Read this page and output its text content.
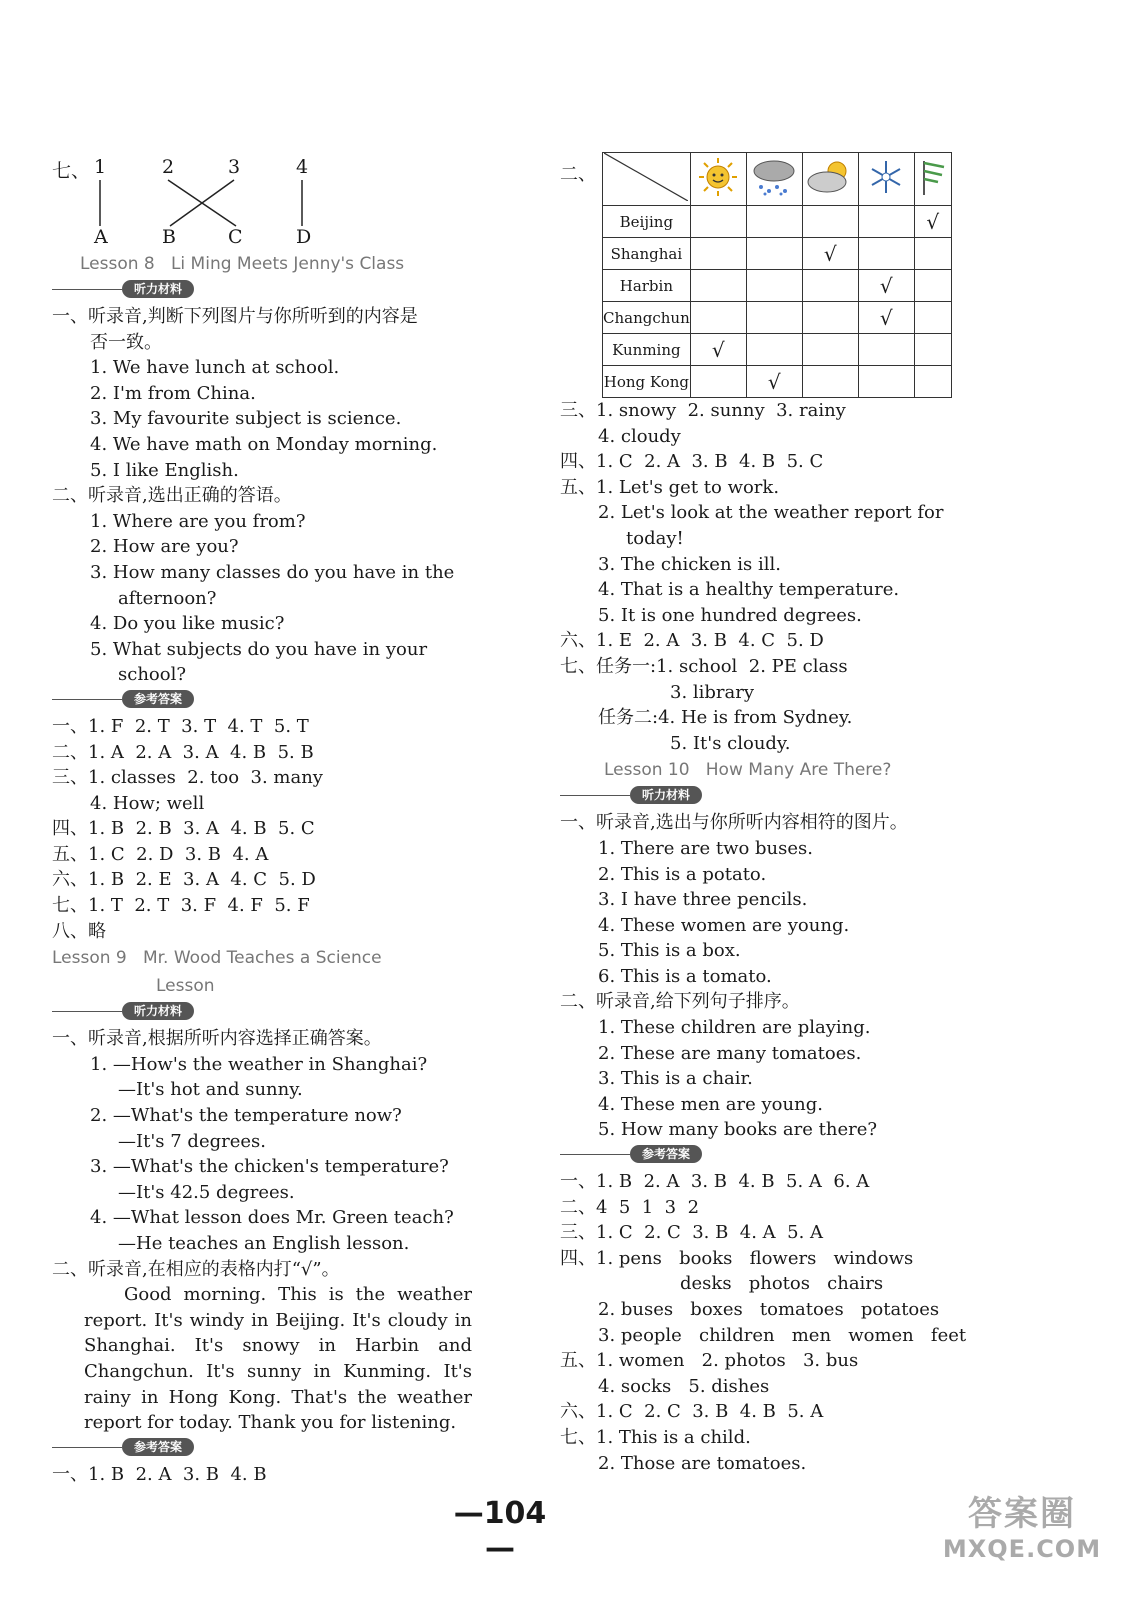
七、 1	2	3	4
A	B	C	D
Lesson 8   Li Ming Meets Jenny's Class
听力材料
一、听录音,判断下列图片与你所听到的内容是
否一致。
1. We have lunch at school.
2. I'm from China.
3. My favourite subject is science.
4. We have math on Monday morning.
5. I like English.
二、听录音,选出正确的答语。
1. Where are you from?
2. How are you?
3. How many classes do you have in the
afternoon?
4. Do you like music?
5. What subjects do you have in your
school?
参考答案
一、1. F  2. T  3. T  4. T  5. T
二、1. A  2. A  3. A  4. B  5. B
三、1. classes  2. too  3. many
4. How; well
四、1. B  2. B  3. A  4. B  5. C
五、1. C  2. D  3. B  4. A
六、1. B  2. E  3. A  4. C  5. D
七、1. T  2. T  3. F  4. F  5. F
八、略
Lesson 9   Mr. Wood Teaches a Science
Lesson
听力材料
一、听录音,根据所听内容选择正确答案。
1. —How's the weather in Shanghai?
—It's hot and sunny.
2. —What's the temperature now?
—It's 7 degrees.
3. —What's the chicken's temperature?
—It's 42.5 degrees.
4. —What lesson does Mr. Green teach?
—He teaches an English lesson.
二、听录音,在相应的表格内打“√”。
Good morning. This is the weather report. It's windy in Beijing. It's cloudy in Shanghai. It's snowy in Harbin and Changchun. It's sunny in Kunming. It's rainy in Hong Kong. That's the weather report for today. Thank you for listening.
参考答案
一、1. B  2. A  3. B  4. B
二、

Beijing					√
Shanghai			√		
Harbin				√	
Changchun				√	
Kunming	√				
Hong Kong		√			
三、1. snowy  2. sunny  3. rainy
4. cloudy
四、1. C  2. A  3. B  4. B  5. C
五、1. Let's get to work.
2. Let's look at the weather report for
today!
3. The chicken is ill.
4. That is a healthy temperature.
5. It is one hundred degrees.
六、1. E  2. A  3. B  4. C  5. D
七、任务一:1. school  2. PE class
3. library
任务二:4. He is from Sydney.
5. It's cloudy.
Lesson 10   How Many Are There?
听力材料
一、听录音,选出与你所听内容相符的图片。
1. There are two buses.
2. This is a potato.
3. I have three pencils.
4. These women are young.
5. This is a box.
6. This is a tomato.
二、听录音,给下列句子排序。
1. These children are playing.
2. These are many tomatoes.
3. This is a chair.
4. These men are young.
5. How many books are there?
参考答案
一、1. B  2. A  3. B  4. B  5. A  6. A
二、4  5  1  3  2
三、1. C  2. C  3. B  4. A  5. A
四、1. pens   books   flowers   windows
desks   photos   chairs
2. buses   boxes   tomatoes   potatoes
3. people   children   men   women   feet
五、1. women   2. photos   3. bus
4. socks   5. dishes
六、1. C  2. C  3. B  4. B  5. A
七、1. This is a child.
2. Those are tomatoes.
—104 —
答案圈
MXQE.COM
